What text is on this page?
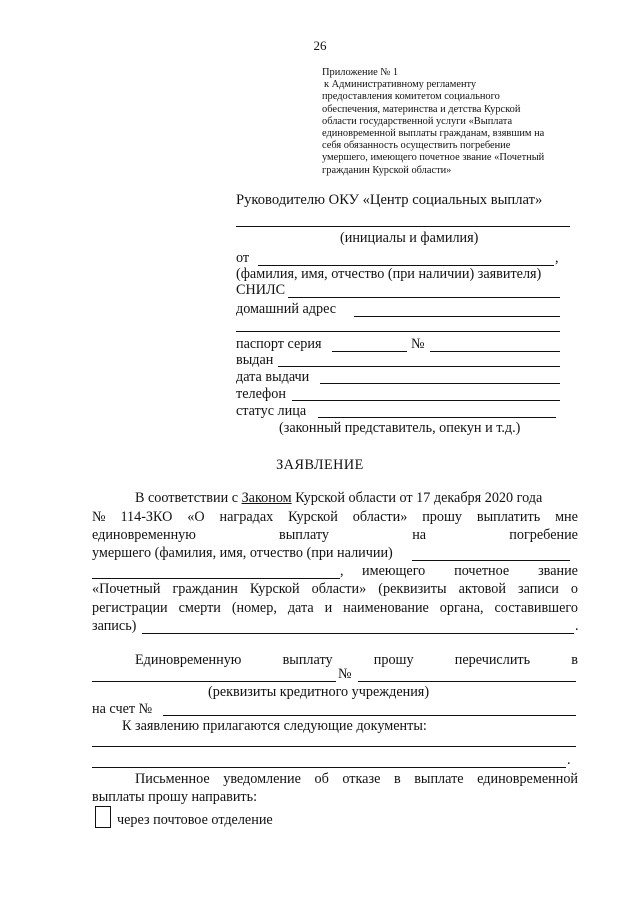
26
Приложение № 1
к Административному регламенту
предоставления комитетом социального
обеспечения, материнства и детства Курской
области государственной услуги «Выплата
единовременной выплаты гражданам, взявшим на
себя обязанность осуществить погребение
умершего, имеющего почетное звание «Почетный
гражданин Курской области»
Руководителю ОКУ «Центр социальных выплат»
(инициалы и фамилия)
от	,
(фамилия, имя, отчество (при наличии) заявителя)
СНИЛС
домашний адрес
паспорт серия	№
выдан
дата выдачи
телефон
статус лица
(законный представитель, опекун и т.д.)
ЗАЯВЛЕНИЕ
В соответствии с Законом Курской области от 17 декабря 2020 года
№ 114-ЗКО «О наградах Курской области» прошу выплатить мне
единовременную	выплату	на	погребение
умершего (фамилия, имя, отчество (при наличии)
, имеющего почетное звание
«Почетный гражданин Курской области» (реквизиты актовой записи о
регистрации смерти (номер, дата и наименование органа, составившего
запись)	.
Единовременную	выплату	прошу	перечислить	в
№
(реквизиты кредитного учреждения)
на счет №
К заявлению прилагаются следующие документы:
.
Письменное уведомление об отказе в выплате единовременной
выплаты прошу направить:
через почтовое отделение
